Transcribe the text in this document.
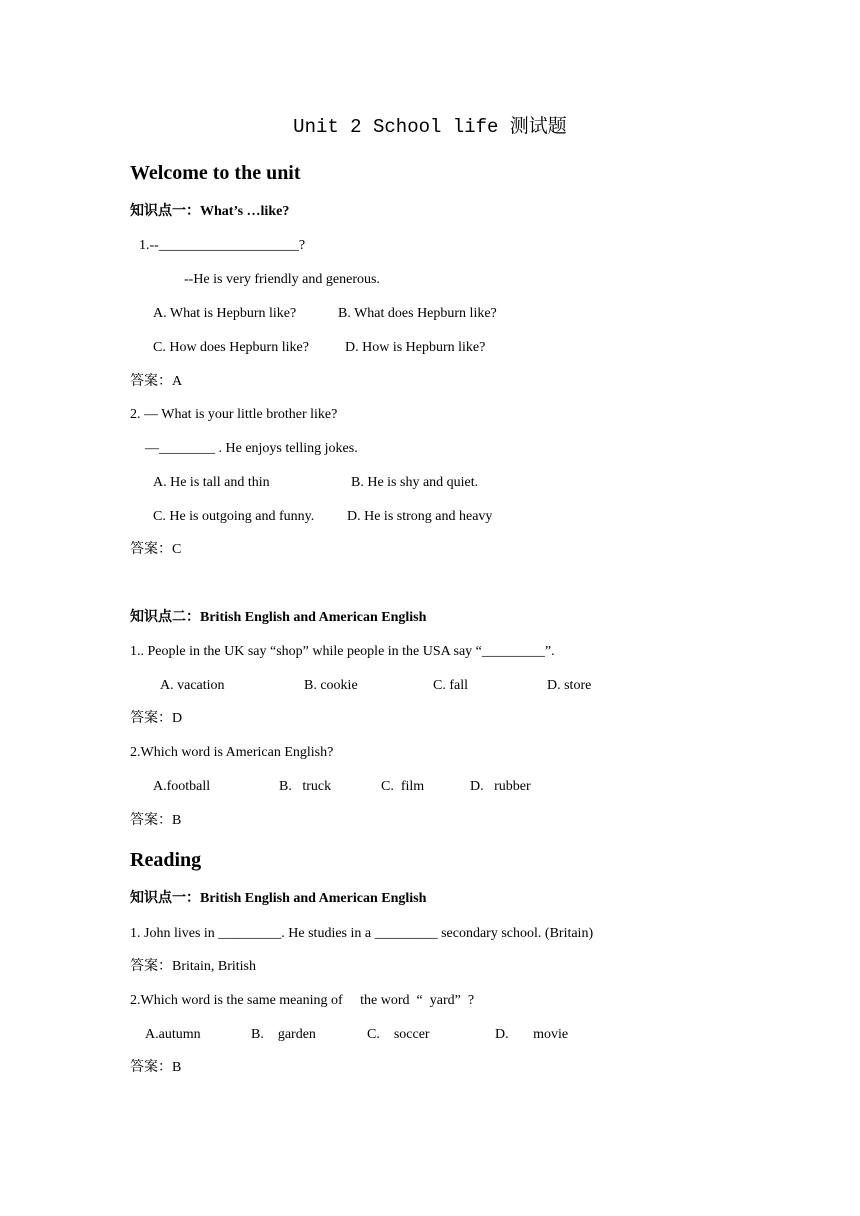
Unit 2 School life 测试题
Welcome to the unit
知识点一：What’s …like?
1.--____________________?
--He is very friendly and generous.
A. What is Hepburn like?	B. What does Hepburn like?
C. How does Hepburn like?	D. How is Hepburn like?
答案：A
2. — What is your little brother like?
—________ . He enjoys telling jokes.
A. He is tall and thin	B. He is shy and quiet.
C. He is outgoing and funny. D. He is strong and heavy
答案：C
知识点二：British English and American English
1.. People in the UK say “shop” while people in the USA say “_________”.
A. vacation	B. cookie	C. fall	D. store
答案：D
2.Which word is American English?
A.football	B.   truck	C.  film	D.   rubber
答案：B
Reading
知识点一：British English and American English
1. John lives in _________. He studies in a _________ secondary school. (Britain)
答案：Britain, British
2.Which word is the same meaning of     the word  “  yard”  ?
A.autumn	B.    garden	C.    soccer	D.       movie
答案：B
